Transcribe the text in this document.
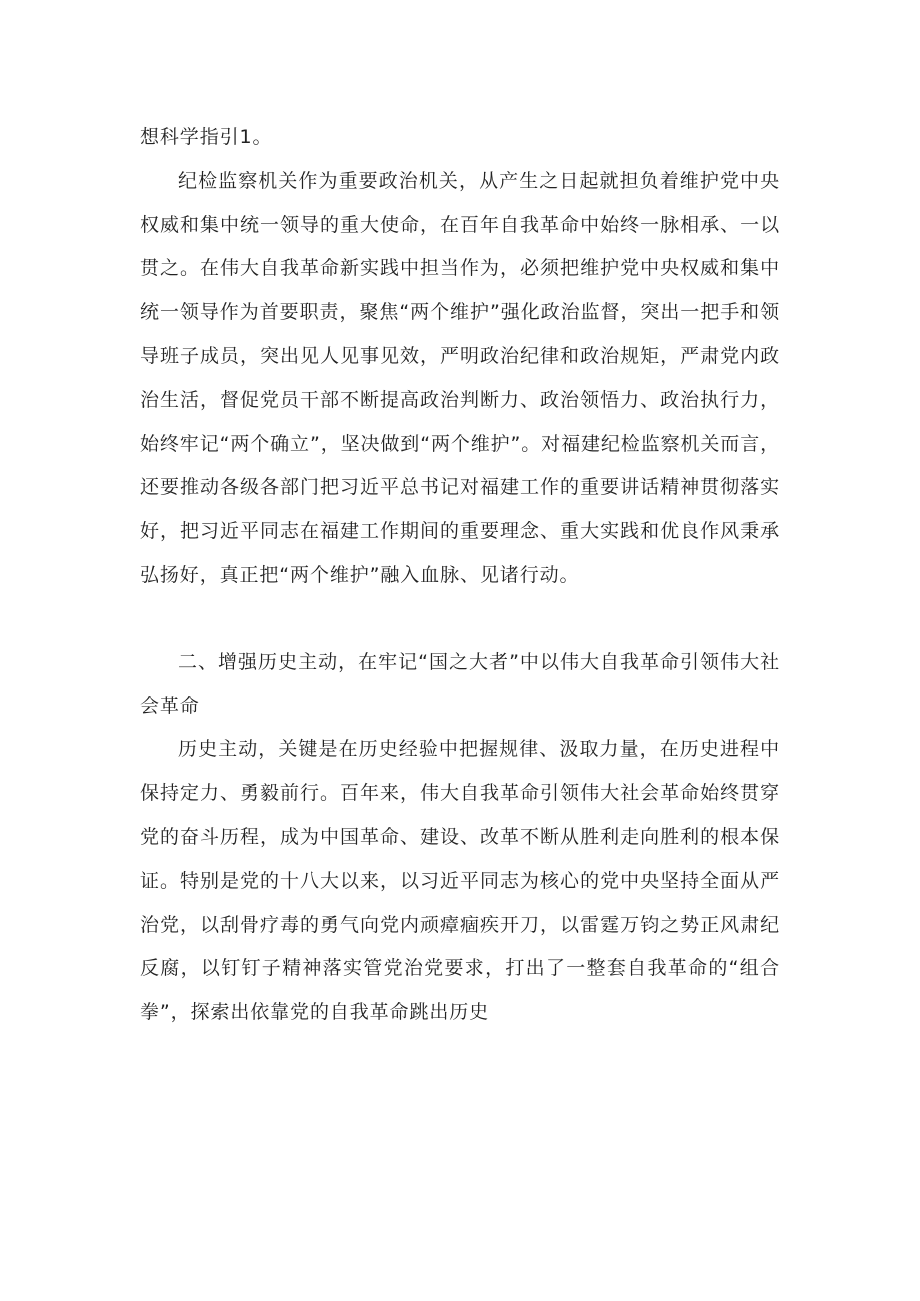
想科学指引1。

纪检监察机关作为重要政治机关，从产生之日起就担负着维护党中央权威和集中统一领导的重大使命，在百年自我革命中始终一脉相承、一以贯之。在伟大自我革命新实践中担当作为，必须把维护党中央权威和集中统一领导作为首要职责，聚焦“两个维护”强化政治监督，突出一把手和领导班子成员，突出见人见事见效，严明政治纪律和政治规矩，严肃党内政治生活，督促党员干部不断提高政治判断力、政治领悟力、政治执行力，始终牢记“两个确立”，坚决做到“两个维护”。对福建纪检监察机关而言，还要推动各级各部门把习近平总书记对福建工作的重要讲话精神贯彻落实好，把习近平同志在福建工作期间的重要理念、重大实践和优良作风秉承弘扬好，真正把“两个维护”融入血脉、见诸行动。

二、增强历史主动，在牢记“国之大者”中以伟大自我革命引领伟大社会革命

历史主动，关键是在历史经验中把握规律、汲取力量，在历史进程中保持定力、勇毅前行。百年来，伟大自我革命引领伟大社会革命始终贯穿党的奋斗历程，成为中国革命、建设、改革不断从胜利走向胜利的根本保证。特别是党的十八大以来，以习近平同志为核心的党中央坚持全面从严治党，以刮骨疗毒的勇气向党内顽瘴痼疾开刀，以雷霆万钧之势正风肃纪反腐，以钉钉子精神落实管党治党要求，打出了一整套自我革命的“组合拳”，探索出依靠党的自我革命跳出历史
